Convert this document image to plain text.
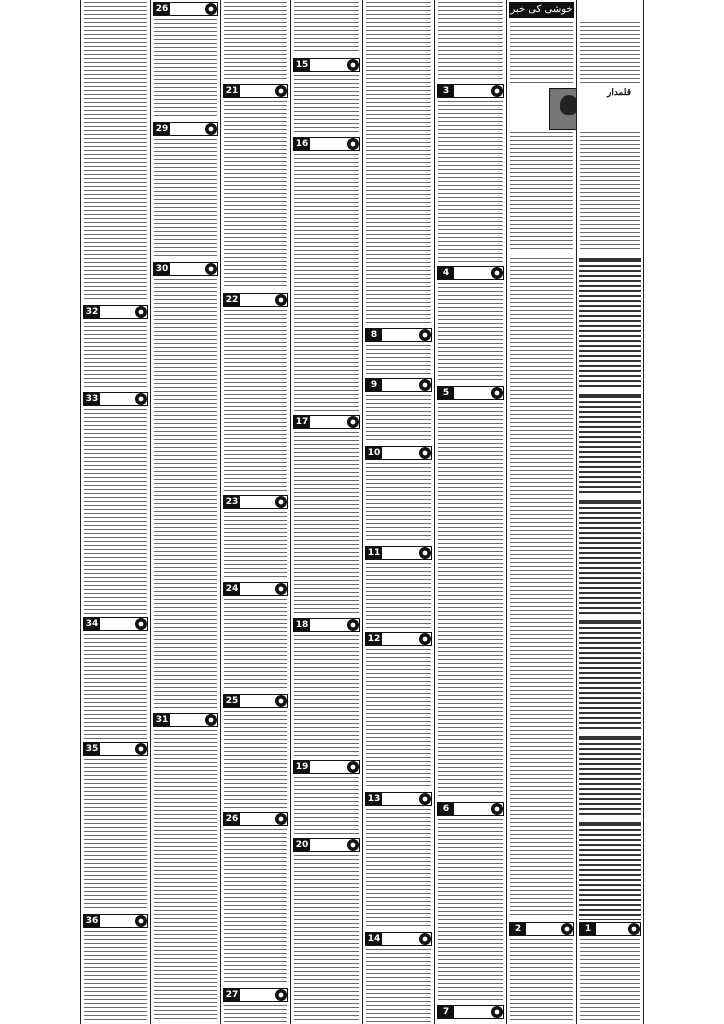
32
33
34
35
36
26
29
30
31
21
22
23
24
25
26
27
15
16
17
18
19
20
8
9
10
11
12
13
14
3
4
5
6
7
خوشی کی خبر
2
قلمدار
1
